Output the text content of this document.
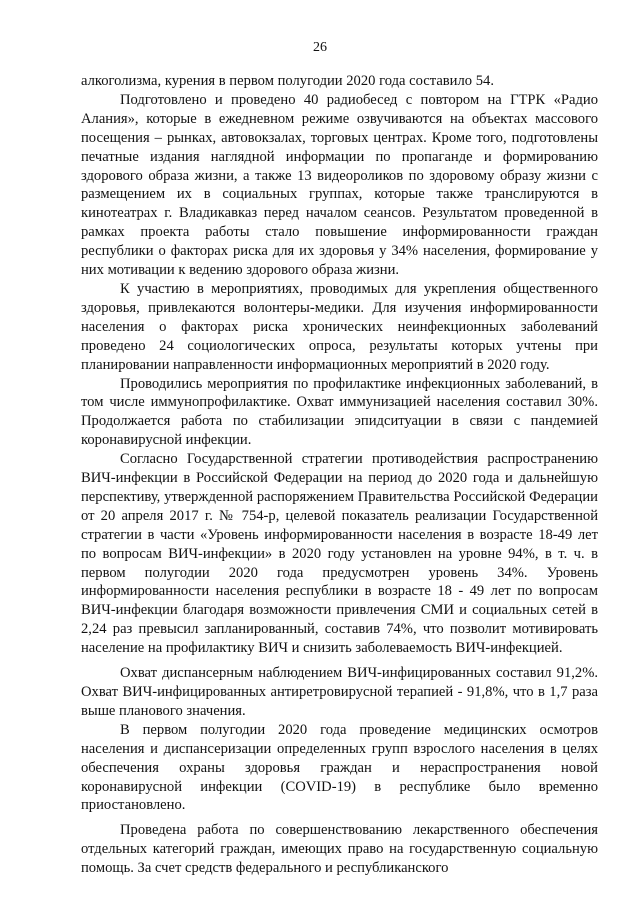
26

алкоголизма, курения в первом полугодии 2020 года составило 54.

Подготовлено и проведено 40 радиобесед с повтором на ГТРК «Радио Алания», которые в ежедневном режиме озвучиваются на объектах массового посещения – рынках, автовокзалах, торговых центрах. Кроме того, подготовлены печатные издания наглядной информации по пропаганде и формированию здорового образа жизни, а также 13 видеороликов по здоровому образу жизни с размещением их в социальных группах, которые также транслируются в кинотеатрах г. Владикавказ перед началом сеансов. Результатом проведенной в рамках проекта работы стало повышение информированности граждан республики о факторах риска для их здоровья у 34% населения, формирование у них мотивации к ведению здорового образа жизни.

К участию в мероприятиях, проводимых для укрепления общественного здоровья, привлекаются волонтеры-медики. Для изучения информированности населения о факторах риска хронических неинфекционных заболеваний проведено 24 социологических опроса, результаты которых учтены при планировании направленности информационных мероприятий в 2020 году.

Проводились мероприятия по профилактике инфекционных заболеваний, в том числе иммунопрофилактике. Охват иммунизацией населения составил 30%. Продолжается работа по стабилизации эпидситуации в связи с пандемией коронавирусной инфекции.

Согласно Государственной стратегии противодействия распространению ВИЧ-инфекции в Российской Федерации на период до 2020 года и дальнейшую перспективу, утвержденной распоряжением Правительства Российской Федерации от 20 апреля 2017 г. № 754-р, целевой показатель реализации Государственной стратегии в части «Уровень информированности населения в возрасте 18-49 лет по вопросам ВИЧ-инфекции» в 2020 году установлен на уровне 94%, в т. ч. в первом полугодии 2020 года предусмотрен уровень 34%. Уровень информированности населения республики в возрасте 18 - 49 лет по вопросам ВИЧ-инфекции благодаря возможности привлечения СМИ и социальных сетей в 2,24 раз превысил запланированный, составив 74%, что позволит мотивировать население на профилактику ВИЧ и снизить заболеваемость ВИЧ-инфекцией.

Охват диспансерным наблюдением ВИЧ-инфицированных составил 91,2%. Охват ВИЧ-инфицированных антиретровирусной терапией - 91,8%, что в 1,7 раза выше планового значения.

В первом полугодии 2020 года проведение медицинских осмотров населения и диспансеризации определенных групп взрослого населения в целях обеспечения охраны здоровья граждан и нераспространения новой коронавирусной инфекции (COVID-19) в республике было временно приостановлено.

Проведена работа по совершенствованию лекарственного обеспечения отдельных категорий граждан, имеющих право на государственную социальную помощь. За счет средств федерального и республиканского
